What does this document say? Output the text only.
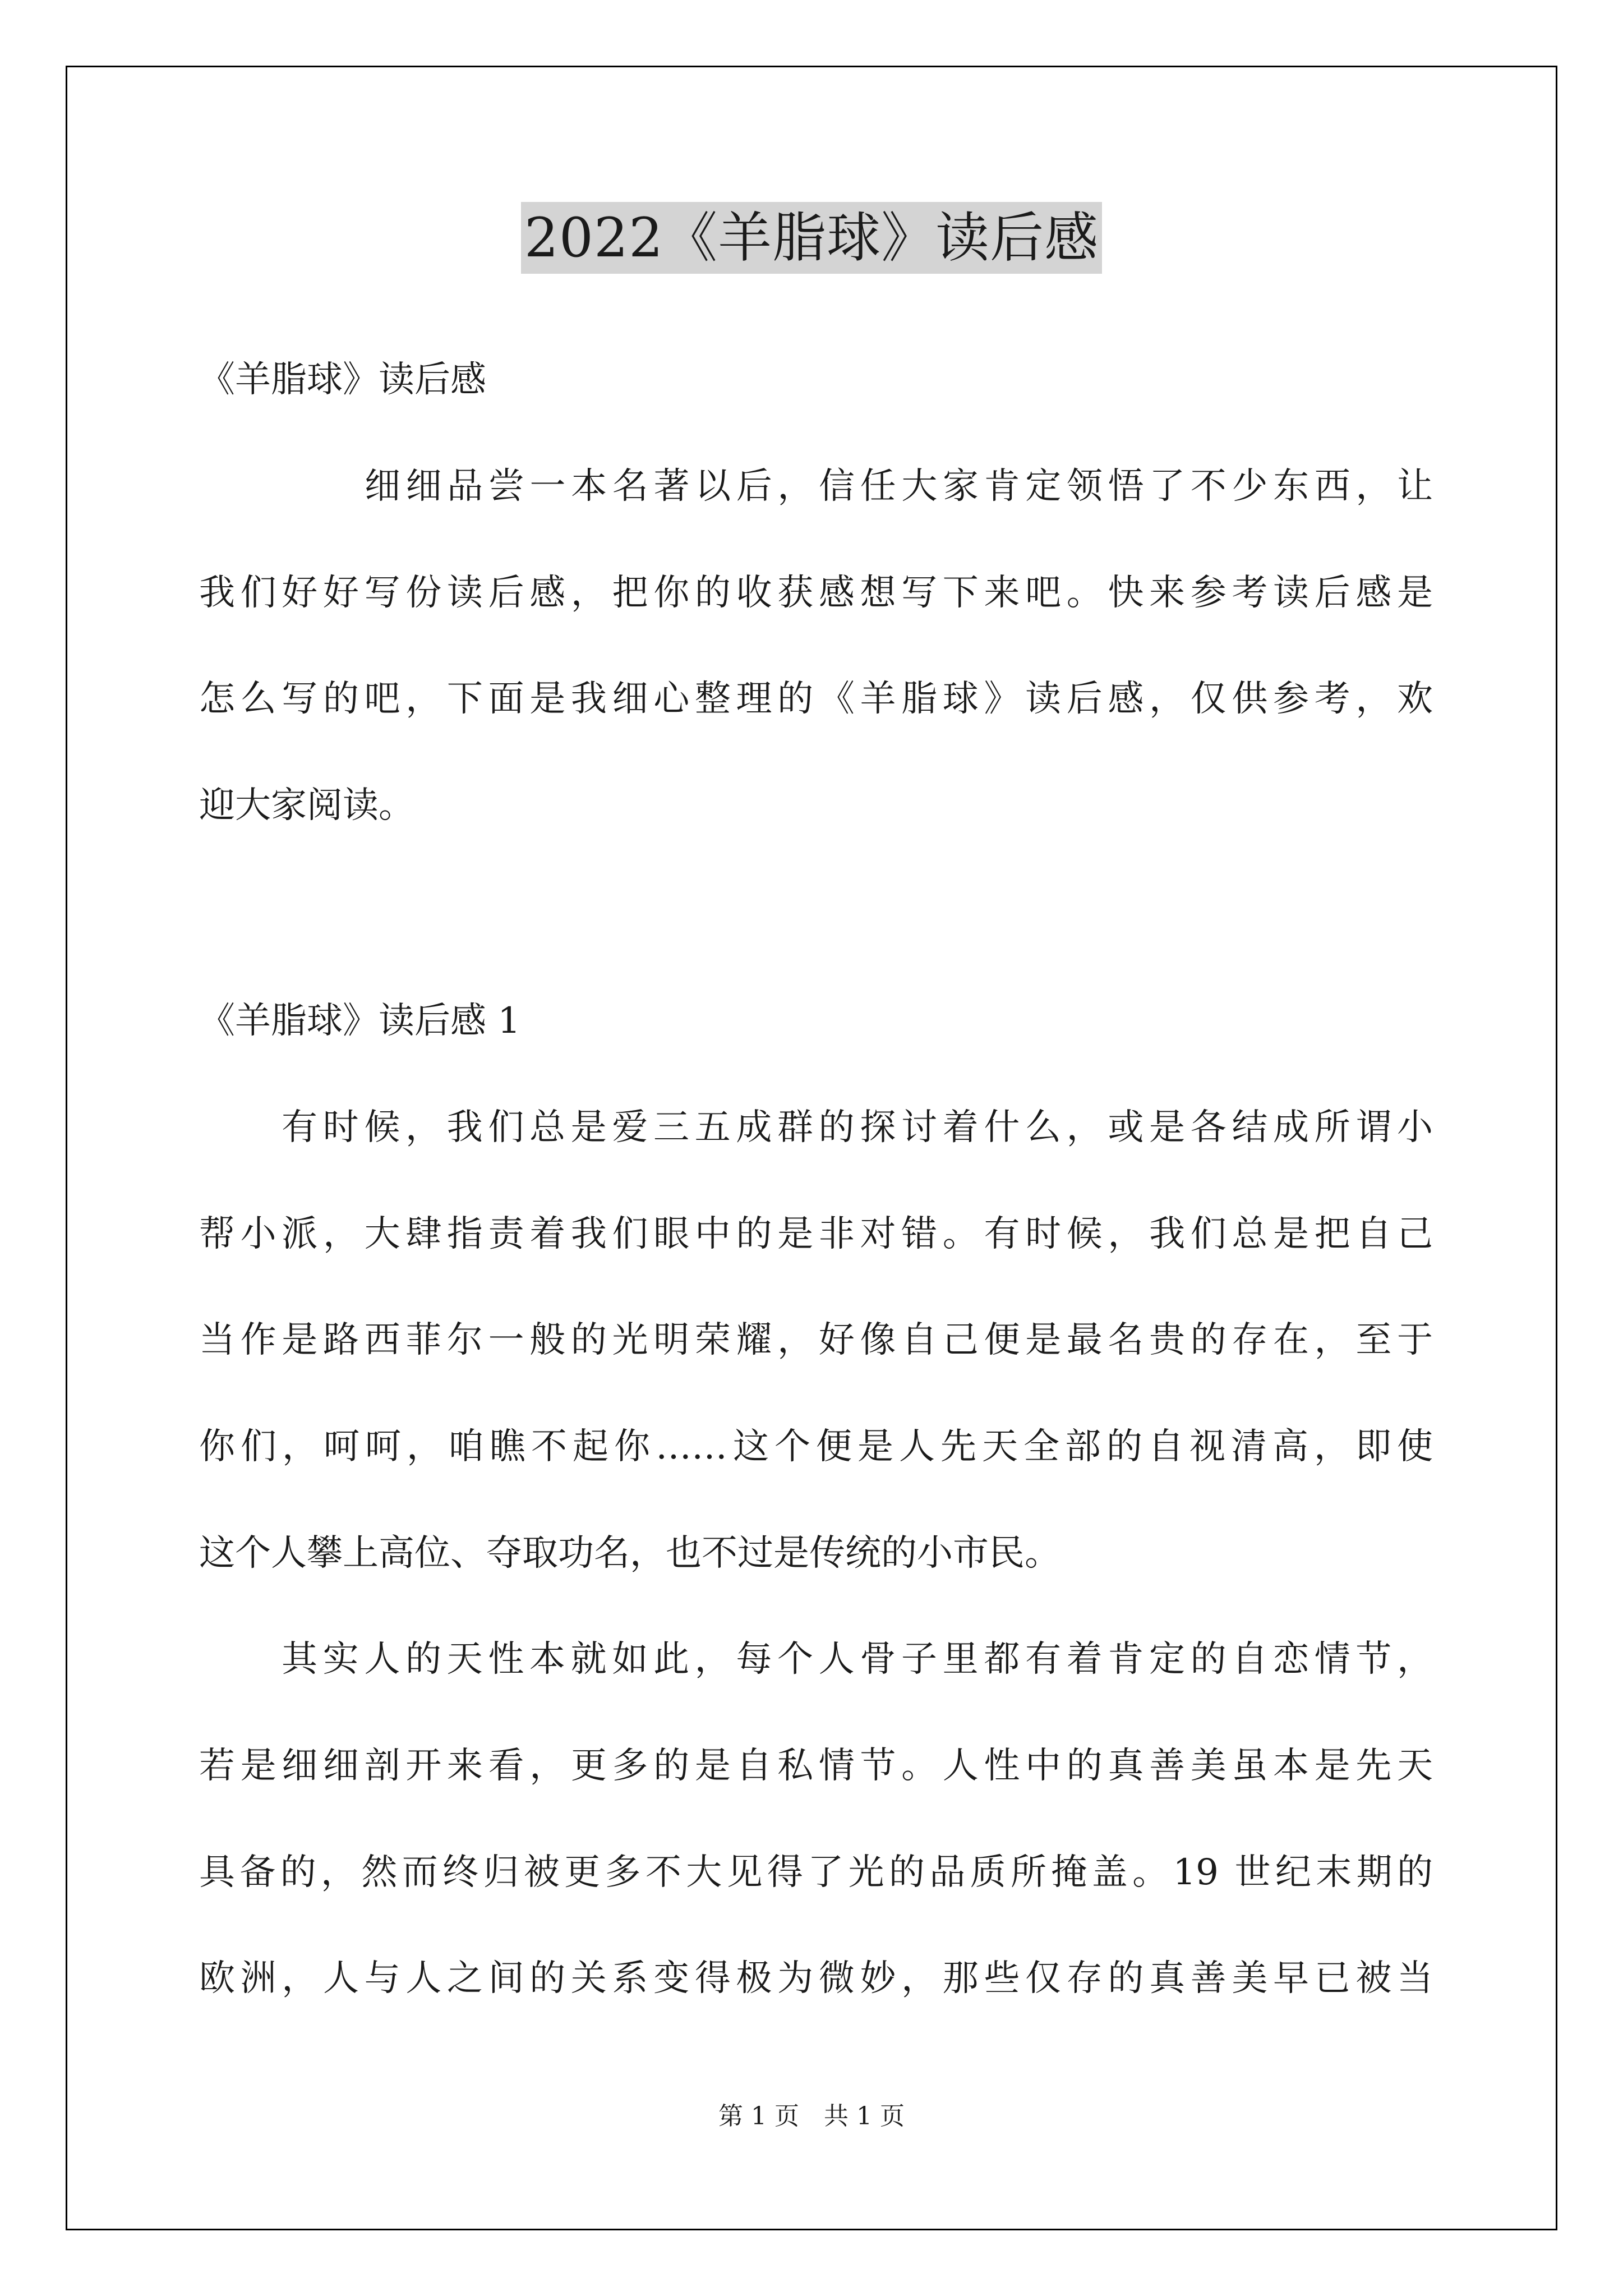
2022《羊脂球》读后感
《羊脂球》读后感
细细品尝一本名著以后，信任大家肯定领悟了不少东西，让
我们好好写份读后感，把你的收获感想写下来吧。快来参考读后感是
怎么写的吧，下面是我细心整理的《羊脂球》读后感，仅供参考，欢
迎大家阅读。
《羊脂球》读后感 1
有时候，我们总是爱三五成群的探讨着什么，或是各结成所谓小
帮小派，大肆指责着我们眼中的是非对错。有时候，我们总是把自己
当作是路西菲尔一般的光明荣耀，好像自己便是最名贵的存在，至于
你们，呵呵，咱瞧不起你……这个便是人先天全部的自视清高，即使
这个人攀上高位、夺取功名，也不过是传统的小市民。
其实人的天性本就如此，每个人骨子里都有着肯定的自恋情节，
若是细细剖开来看，更多的是自私情节。人性中的真善美虽本是先天
具备的，然而终归被更多不大见得了光的品质所掩盖。19 世纪末期的
欧洲，人与人之间的关系变得极为微妙，那些仅存的真善美早已被当
第 1 页　共 1 页
